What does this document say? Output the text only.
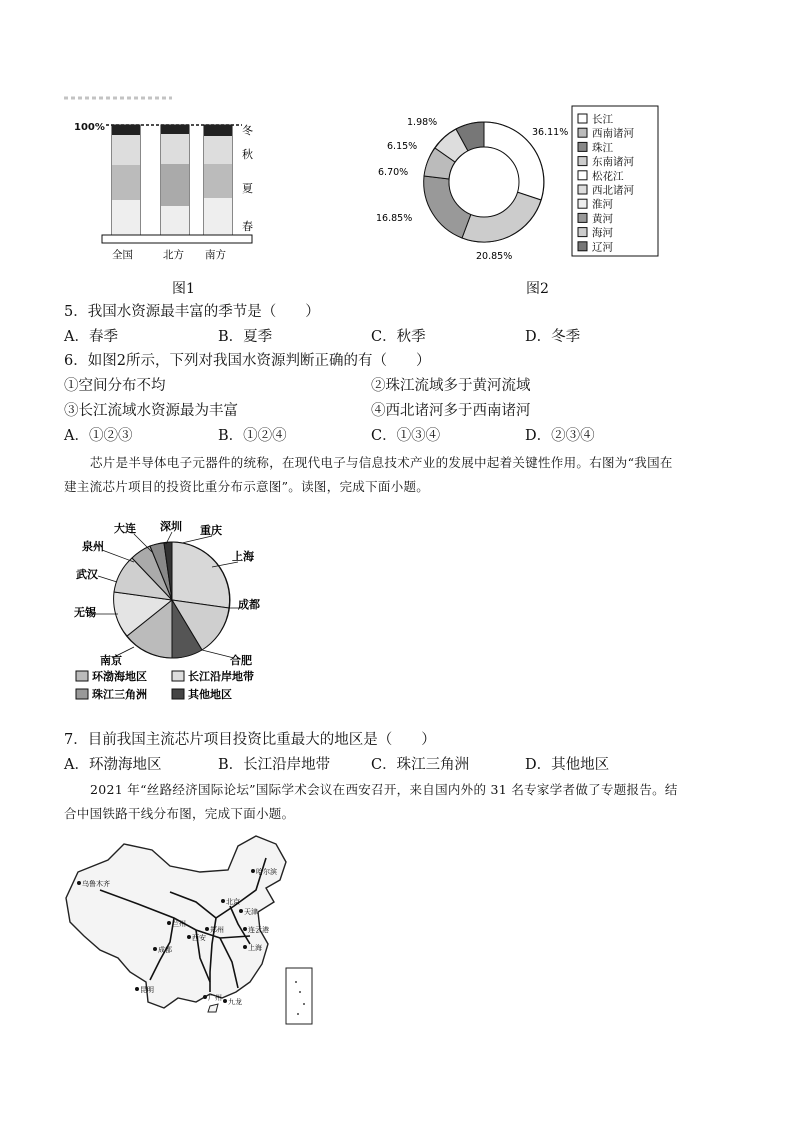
100%	冬
秋
夏
春
全国	北方 南方
图1
1.98%
36.11%
6.15%
6.70%
16.85%
20.85%
长江
西南诸河
珠江
东南诸河
松花江
西北诸河
淮河
黄河
海河
辽河
图2
5．我国水资源最丰富的季节是（　　）
A．春季	B．夏季	C．秋季	D．冬季
6．如图2所示，下列对我国水资源判断正确的有（　　）
①空间分布不均	②珠江流域多于黄河流域
③长江流域水资源最为丰富	④西北诸河多于西南诸河
A．①②③	B．①②④	C．①③④	D．②③④
芯片是半导体电子元器件的统称，在现代电子与信息技术产业的发展中起着关键性作用。右图为“我国在
建主流芯片项目的投资比重分布示意图”。读图，完成下面小题。
大连 深圳 重庆
泉州
上海
武汉
成都
无锡
南京	合肥
环渤海地区	长江沿岸地带
珠江三角洲	其他地区
7．目前我国主流芯片项目投资比重最大的地区是（　　）
A．环渤海地区	B．长江沿岸地带	C．珠江三角洲	D．其他地区
2021 年“丝路经济国际论坛”国际学术会议在西安召开，来自国内外的 31 名专家学者做了专题报告。结
合中国铁路干线分布图，完成下面小题。
乌鲁木齐
哈尔滨
北京
天津
兰州
西安
郑州	连云港
上海
成都
昆明
广州 九龙
